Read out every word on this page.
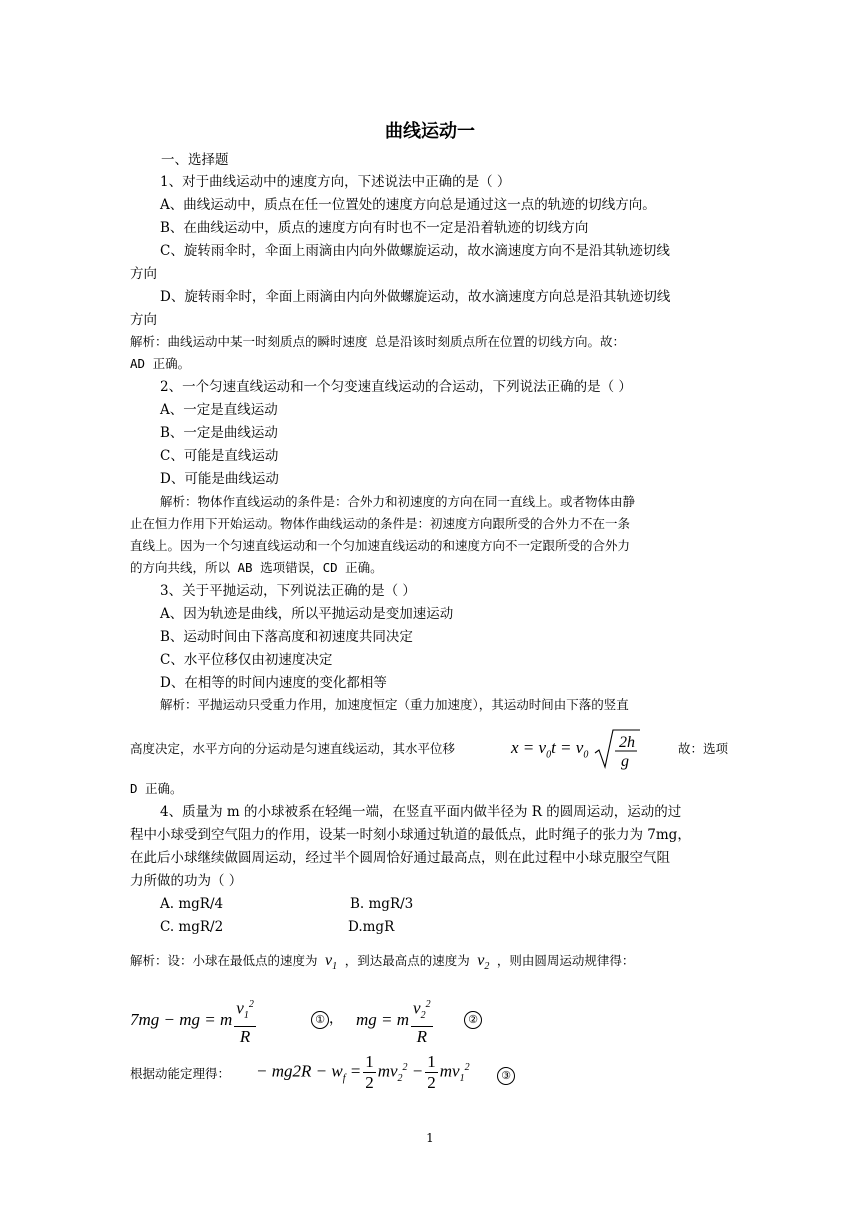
曲线运动一
一、选择题
1、对于曲线运动中的速度方向，下述说法中正确的是（ ）
A、曲线运动中，质点在任一位置处的速度方向总是通过这一点的轨迹的切线方向。
B、在曲线运动中，质点的速度方向有时也不一定是沿着轨迹的切线方向
C、旋转雨伞时，伞面上雨滴由内向外做螺旋运动，故水滴速度方向不是沿其轨迹切线
方向
D、旋转雨伞时，伞面上雨滴由内向外做螺旋运动，故水滴速度方向总是沿其轨迹切线
方向
解析：曲线运动中某一时刻质点的瞬时速度 总是沿该时刻质点所在位置的切线方向。故：
AD 正确。
2、一个匀速直线运动和一个匀变速直线运动的合运动，下列说法正确的是（ ）
A、一定是直线运动
B、一定是曲线运动
C、可能是直线运动
D、可能是曲线运动
解析：物体作直线运动的条件是：合外力和初速度的方向在同一直线上。或者物体由静
止在恒力作用下开始运动。物体作曲线运动的条件是：初速度方向跟所受的合外力不在一条
直线上。因为一个匀速直线运动和一个匀加速直线运动的和速度方向不一定跟所受的合外力
的方向共线，所以 AB 选项错误，CD 正确。
3、关于平抛运动，下列说法正确的是（ ）
A、因为轨迹是曲线，所以平抛运动是变加速运动
B、运动时间由下落高度和初速度共同决定
C、水平位移仅由初速度决定
D、在相等的时间内速度的变化都相等
解析：平抛运动只受重力作用，加速度恒定（重力加速度），其运动时间由下落的竖直
高度决定，水平方向的分运动是匀速直线运动，其水平位移	$x = v_0t = v_0$
2h
g
故：选项
D 正确。
4、质量为 m 的小球被系在轻绳一端，在竖直平面内做半径为 R 的圆周运动，运动的过
程中小球受到空气阻力的作用，设某一时刻小球通过轨道的最低点，此时绳子的张力为 7mg，
在此后小球继续做圆周运动，经过半个圆周恰好通过最高点，则在此过程中小球克服空气阻
力所做的功为（ ）
A. mgR/4	B. mgR/3
C. mgR/2	D.mgR
解析：设：小球在最低点的速度为 $v_1$ ，到达最高点的速度为 $v_2$ ，则由圆周运动规律得：
7mg − mg = m $\frac{v_1^2}{R}$	① ， mg = m $\frac{v_2^2}{R}$	②
根据动能定理得： − $mg2R - w_f = \frac{1}{2} mv_2^2 - \frac{1}{2} mv_1^2$
③
1
